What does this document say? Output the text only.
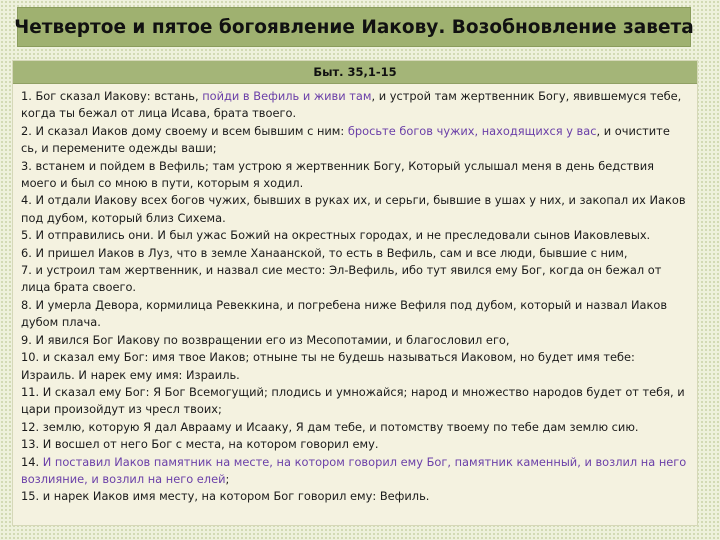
Четвертое и пятое богоявление Иакову. Возобновление завета
Быт. 35,1-15

1. Бог сказал Иакову: встань, пойди в Вефиль и живи там, и устрой там жертвенник Богу, явившемуся тебе, когда ты бежал от лица Исава, брата твоего.

2. И сказал Иаков дому своему и всем бывшим с ним: бросьте богов чужих, находящихся у вас, и очистите сь, и перемените одежды ваши;

3. встанем и пойдем в Вефиль; там устрою я жертвенник Богу, Который услышал меня в день бедствия моего и был со мною в пути, которым я ходил.

4. И отдали Иакову всех богов чужих, бывших в руках их, и серьги, бывшие в ушах у них, и закопал их Иаков под дубом, который близ Сихема.

5. И отправились они. И был ужас Божий на окрестных городах, и не преследовали сынов Иаковлевых.

6. И пришел Иаков в Луз, что в земле Ханаанской, то есть в Вефиль, сам и все люди, бывшие с ним,

7. и устроил там жертвенник, и назвал сие место: Эл-Вефиль, ибо тут явился ему Бог, когда он бежал от лица брата своего.

8. И умерла Девора, кормилица Ревеккина, и погребена ниже Вефиля под дубом, который и назвал Иаков дубом плача.

9. И явился Бог Иакову по возвращении его из Месопотамии, и благословил его,

10. и сказал ему Бог: имя твое Иаков; отныне ты не будешь называться Иаковом, но будет имя тебе: Израиль. И нарек ему имя: Израиль.

11. И сказал ему Бог: Я Бог Всемогущий; плодись и умножайся; народ и множество народов будет от тебя, и цари произойдут из чресл твоих;

12. землю, которую Я дал Аврааму и Исааку, Я дам тебе, и потомству твоему по тебе дам землю сию.

13. И восшел от него Бог с места, на котором говорил ему.

14. И поставил Иаков памятник на месте, на котором говорил ему Бог, памятник каменный, и возлил на него возлияние, и возлил на него елей;

15. и нарек Иаков имя месту, на котором Бог говорил ему: Вефиль.
